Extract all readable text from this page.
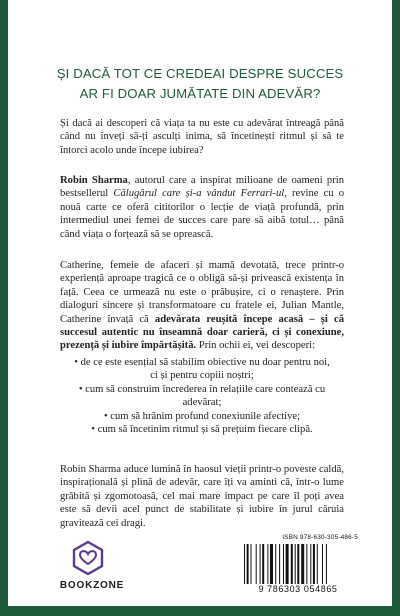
ȘI DACĂ TOT CE CREDEAI DESPRE SUCCES
AR FI DOAR JUMĂTATE DIN ADEVĂR?
Și dacă ai descoperi că viața ta nu este cu adevărat întreagă până când nu înveți să-ți asculți inima, să încetinești ritmul și să te întorci acolo unde începe iubirea?
Robin Sharma, autorul care a inspirat milioane de oameni prin bestsellerul Călugărul care și-a vândut Ferrari-ul, revine cu o nouă carte ce oferă cititorilor o lecție de viață profundă, prin intermediul unei femei de succes care pare să aibă totul… până când viața o forțează să se oprească.
Catherine, femeie de afaceri și mamă devotată, trece printr-o experiență aproape tragică ce o obligă să-și privească existența în față. Ceea ce urmează nu este o prăbușire, ci o renaștere. Prin dialoguri sincere și transformatoare cu fratele ei, Julian Mantle, Catherine învață că adevărata reușită începe acasă – și că succesul autentic nu înseamnă doar carieră, ci și conexiune, prezență și iubire împărtășită. Prin ochii ei, vei descoperi:
• de ce este esențial să stabilim obiective nu doar pentru noi,
ci și pentru copiii noștri;
• cum să construim încrederea în relațiile care contează cu adevărat;
• cum să hrănim profund conexiunile afective;
• cum să încetinim ritmul și să prețuim fiecare clipă.
Robin Sharma aduce lumină în haosul vieții printr-o poveste caldă, inspirațională și plină de adevăr, care îți va aminti că, într-o lume grăbită și zgomotoasă, cel mai mare impact pe care îl poți avea este să devii acel punct de stabilitate și iubire în jurul căruia gravitează cei dragi.
BOOKZONE
ISBN 978-630-305-486-5
9 786303 054865
